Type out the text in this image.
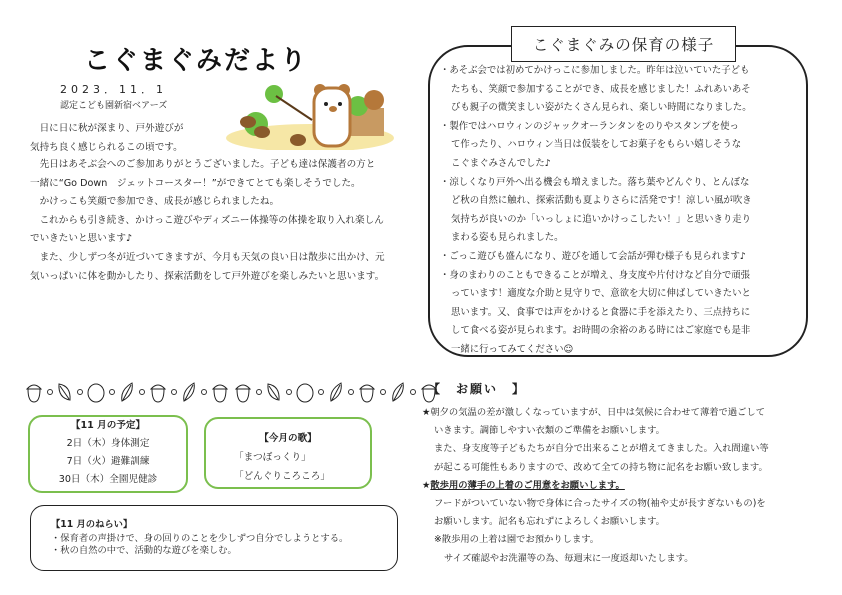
こぐまぐみだより
2023．11．1
認定こども園新宿ベアーズ
　日に日に秋が深まり、戸外遊びが
気持ち良く感じられるこの頃です。
　先日はあそぶ会へのご参加ありがとうございました。子ども達は保護者の方と
一緒に“Go Down　ジェットコースター！”ができてとても楽しそうでした。
　かけっこも笑顔で参加でき、成長が感じられましたね。
　これからも引き続き、かけっこ遊びやディズニー体操等の体操を取り入れ楽しん
でいきたいと思います♪
　また、少しずつ冬が近づいてきますが、今月も天気の良い日は散歩に出かけ、元
気いっぱいに体を動かしたり、探索活動をして戸外遊びを楽しみたいと思います。
こぐまぐみの保育の様子
・あそぶ会では初めてかけっこに参加しました。昨年は泣いていた子ども
たちも、笑顔で参加することができ、成長を感じました！ふれあいあそ
びも親子の微笑ましい姿がたくさん見られ、楽しい時間になりました。
・製作ではハロウィンのジャックオーランタンをのりやスタンプを使っ
て作ったり、ハロウィン当日は仮装をしてお菓子をもらい嬉しそうな
こぐまぐみさんでした♪
・涼しくなり戸外へ出る機会も増えました。落ち葉やどんぐり、とんぼな
ど秋の自然に触れ、探索活動も夏よりさらに活発です！涼しい風が吹き
気持ちが良いのか「いっしょに追いかけっこしたい！」と思いきり走り
まわる姿も見られました。
・ごっこ遊びも盛んになり、遊びを通して会話が弾む様子も見られます♪
・身のまわりのこともできることが増え、身支度や片付けなど自分で頑張
っています！適度な介助と見守りで、意欲を大切に伸ばしていきたいと
思います。又、食事では声をかけると食器に手を添えたり、三点持ちに
して食べる姿が見られます。お時間の余裕のある時にはご家庭でも是非
一緒に行ってみてください☺
【11 月の予定】
2日（木）身体測定
7日（火）避難訓練
30日（木）全園児健診
【今月の歌】
「まつぼっくり」
「どんぐりころころ」
【11 月のねらい】
・保育者の声掛けで、身の回りのことを少しずつ自分でしようとする。
・秋の自然の中で、活動的な遊びを楽しむ。
【　お願い　】
★朝夕の気温の差が激しくなっていますが、日中は気候に合わせて薄着で過ごして
いきます。調節しやすい衣類のご準備をお願いします。
また、身支度等子どもたちが自分で出来ることが増えてきました。入れ間違い等
が起こる可能性もありますので、改めて全ての持ち物に記名をお願い致します。
★散歩用の薄手の上着のご用意をお願いします。
フードがついていない物で身体に合ったサイズの物(袖や丈が長すぎないもの)を
お願いします。記名も忘れずによろしくお願いします。
※散歩用の上着は園でお預かりします。
サイズ確認やお洗濯等の為、毎週末に一度返却いたします。
